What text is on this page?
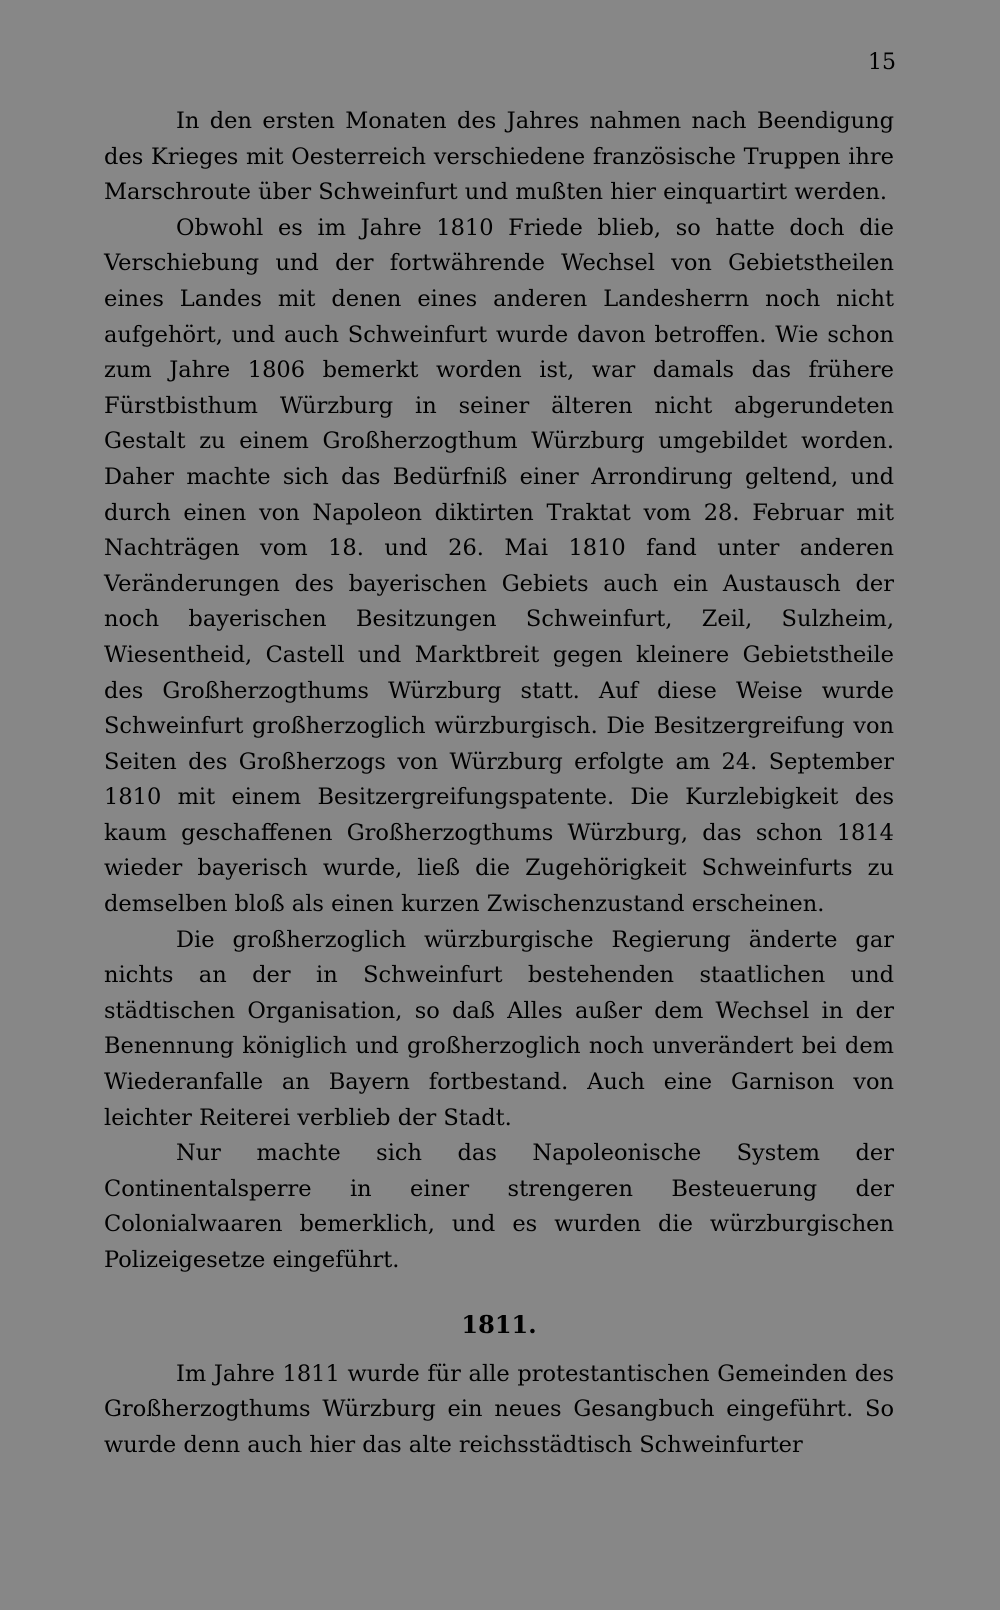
15

In den ersten Monaten des Jahres nahmen nach Beendigung des Krieges mit Oesterreich verschiedene französische Truppen ihre Marschroute über Schweinfurt und mußten hier einquartirt werden.

Obwohl es im Jahre 1810 Friede blieb, so hatte doch die Verschiebung und der fortwährende Wechsel von Gebietstheilen eines Landes mit denen eines anderen Landesherrn noch nicht aufgehört, und auch Schweinfurt wurde davon betroffen. Wie schon zum Jahre 1806 bemerkt worden ist, war damals das frühere Fürstbisthum Würzburg in seiner älteren nicht abgerundeten Gestalt zu einem Großherzogthum Würzburg umgebildet worden. Daher machte sich das Bedürfniß einer Arrondirung geltend, und durch einen von Napoleon diktirten Traktat vom 28. Februar mit Nachträgen vom 18. und 26. Mai 1810 fand unter anderen Veränderungen des bayerischen Gebiets auch ein Austausch der noch bayerischen Besitzungen Schweinfurt, Zeil, Sulzheim, Wiesentheid, Castell und Marktbreit gegen kleinere Gebietstheile des Großherzogthums Würzburg statt. Auf diese Weise wurde Schweinfurt großherzoglich würzburgisch. Die Besitzergreifung von Seiten des Großherzogs von Würzburg erfolgte am 24. September 1810 mit einem Besitzergreifungspatente. Die Kurzlebigkeit des kaum geschaffenen Großherzogthums Würzburg, das schon 1814 wieder bayerisch wurde, ließ die Zugehörigkeit Schweinfurts zu demselben bloß als einen kurzen Zwischenzustand erscheinen.

Die großherzoglich würzburgische Regierung änderte gar nichts an der in Schweinfurt bestehenden staatlichen und städtischen Organisation, so daß Alles außer dem Wechsel in der Benennung königlich und großherzoglich noch unverändert bei dem Wiederanfalle an Bayern fortbestand. Auch eine Garnison von leichter Reiterei verblieb der Stadt.

Nur machte sich das Napoleonische System der Continentalsperre in einer strengeren Besteuerung der Colonialwaaren bemerklich, und es wurden die würzburgischen Polizeigesetze eingeführt.

1811.

Im Jahre 1811 wurde für alle protestantischen Gemeinden des Großherzogthums Würzburg ein neues Gesangbuch eingeführt. So wurde denn auch hier das alte reichsstädtisch Schweinfurter
